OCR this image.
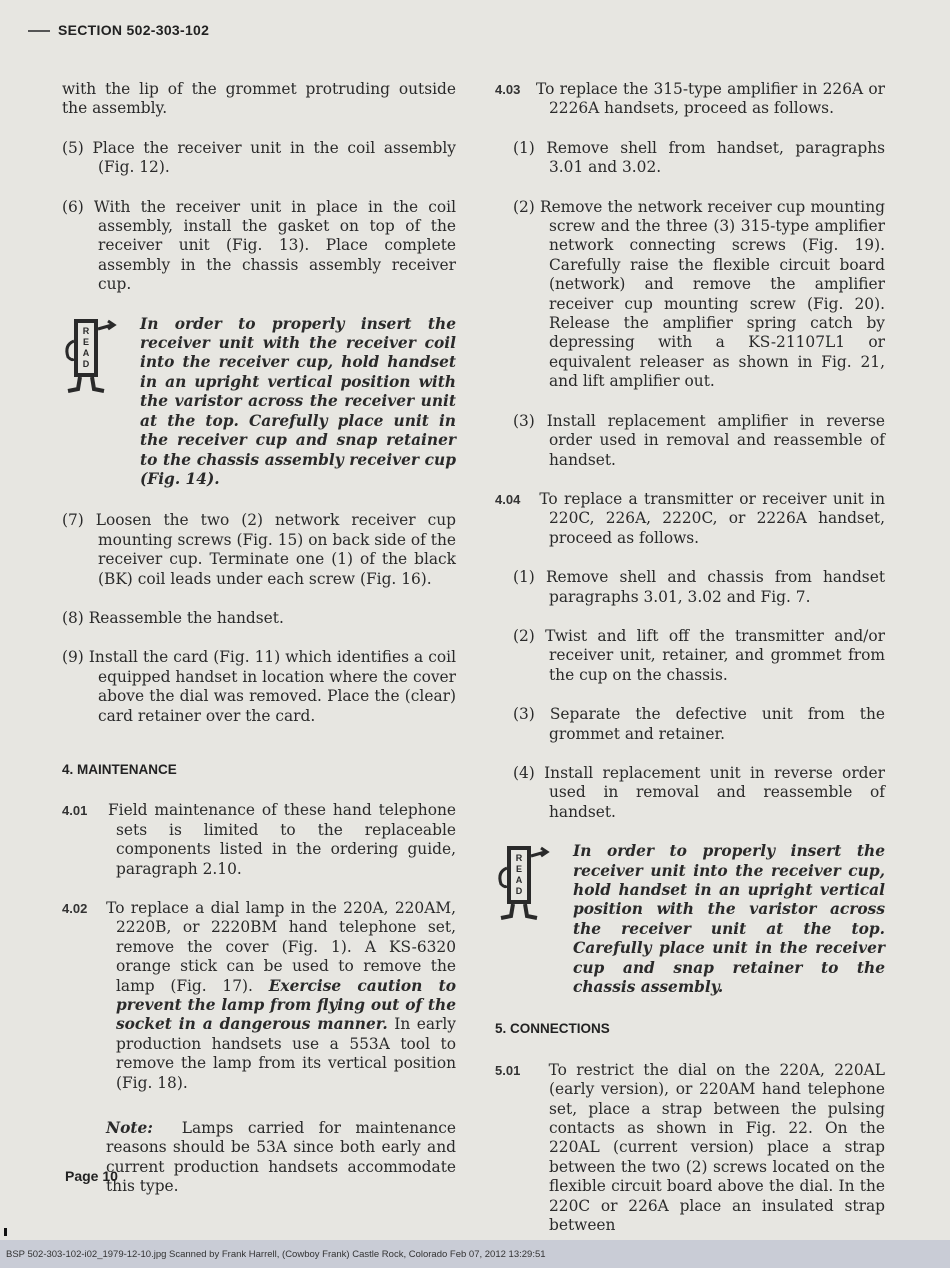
SECTION 502-303-102

with the lip of the grommet protruding outside the assembly.

(5) Place the receiver unit in the coil assembly (Fig. 12).

(6) With the receiver unit in place in the coil assembly, install the gasket on top of the receiver unit (Fig. 13). Place complete assembly in the chassis assembly receiver cup.

R
E
A
D
In order to properly insert the receiver unit with the receiver coil into the receiver cup, hold handset in an upright vertical position with the varistor across the receiver unit at the top. Carefully place unit in the receiver cup and snap retainer to the chassis assembly receiver cup (Fig. 14).

(7) Loosen the two (2) network receiver cup mounting screws (Fig. 15) on back side of the receiver cup. Terminate one (1) of the black (BK) coil leads under each screw (Fig. 16).

(8) Reassemble the handset.

(9) Install the card (Fig. 11) which identifies a coil equipped handset in location where the cover above the dial was removed. Place the (clear) card retainer over the card.

4. MAINTENANCE

4.01 Field maintenance of these hand telephone sets is limited to the replaceable components listed in the ordering guide, paragraph 2.10.

4.02 To replace a dial lamp in the 220A, 220AM, 2220B, or 2220BM hand telephone set, remove the cover (Fig. 1). A KS-6320 orange stick can be used to remove the lamp (Fig. 17). Exercise caution to prevent the lamp from flying out of the socket in a dangerous manner. In early production handsets use a 553A tool to remove the lamp from its vertical position (Fig. 18).

Note: Lamps carried for maintenance reasons should be 53A since both early and current production handsets accommodate this type.

4.03 To replace the 315-type amplifier in 226A or 2226A handsets, proceed as follows.

(1) Remove shell from handset, paragraphs 3.01 and 3.02.

(2) Remove the network receiver cup mounting screw and the three (3) 315-type amplifier network connecting screws (Fig. 19). Carefully raise the flexible circuit board (network) and remove the amplifier receiver cup mounting screw (Fig. 20). Release the amplifier spring catch by depressing with a KS-21107L1 or equivalent releaser as shown in Fig. 21, and lift amplifier out.

(3) Install replacement amplifier in reverse order used in removal and reassemble of handset.

4.04 To replace a transmitter or receiver unit in 220C, 226A, 2220C, or 2226A handset, proceed as follows.

(1) Remove shell and chassis from handset paragraphs 3.01, 3.02 and Fig. 7.

(2) Twist and lift off the transmitter and/or receiver unit, retainer, and grommet from the cup on the chassis.

(3) Separate the defective unit from the grommet and retainer.

(4) Install replacement unit in reverse order used in removal and reassemble of handset.

R
E
A
D
In order to properly insert the receiver unit into the receiver cup, hold handset in an upright vertical position with the varistor across the receiver unit at the top. Carefully place unit in the receiver cup and snap retainer to the chassis assembly.
5. CONNECTIONS

5.01 To restrict the dial on the 220A, 220AL (early version), or 220AM hand telephone set, place a strap between the pulsing contacts as shown in Fig. 22. On the 220AL (current version) place a strap between the two (2) screws located on the flexible circuit board above the dial. In the 220C or 226A place an insulated strap between

Page 10
BSP 502-303-102-i02_1979-12-10.jpg Scanned by Frank Harrell, (Cowboy Frank) Castle Rock, Colorado Feb 07, 2012 13:29:51
